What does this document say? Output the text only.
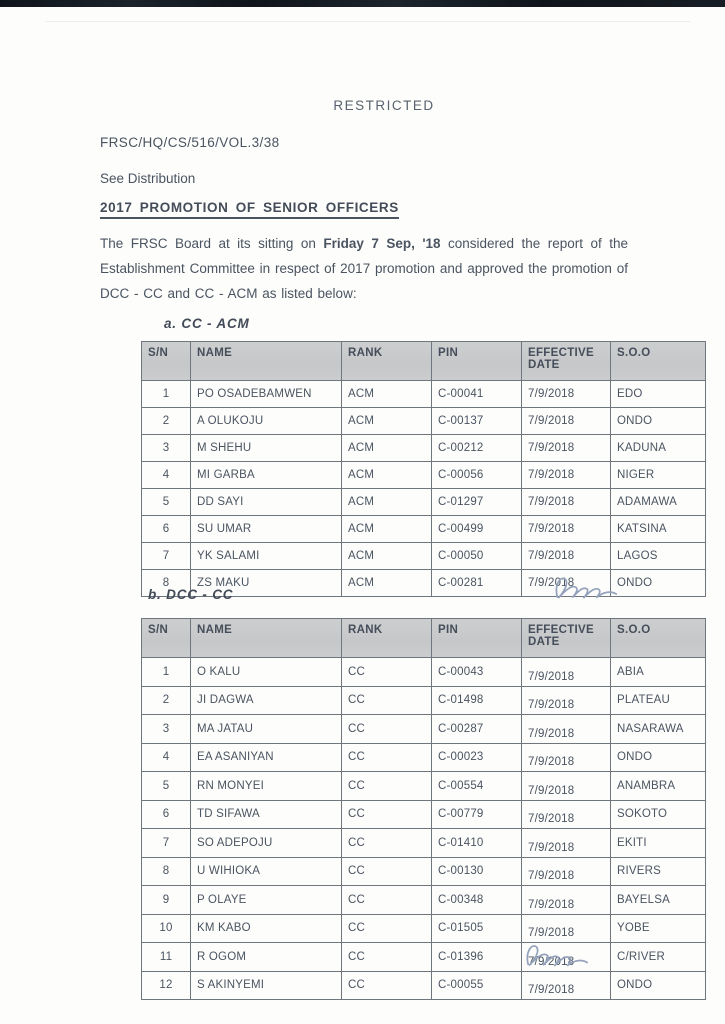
RESTRICTED
FRSC/HQ/CS/516/VOL.3/38
See Distribution
2017 PROMOTION OF SENIOR OFFICERS

The FRSC Board at its sitting on Friday 7 Sep, '18 considered the report of the Establishment Committee in respect of 2017 promotion and approved the promotion of DCC - CC and CC - ACM as listed below:

a. CC - ACM
S/N	NAME	RANK	PIN	EFFECTIVE DATE	S.O.O
1	PO OSADEBAMWEN	ACM	C-00041	7/9/2018	EDO
2	A OLUKOJU	ACM	C-00137	7/9/2018	ONDO
3	M SHEHU	ACM	C-00212	7/9/2018	KADUNA
4	MI GARBA	ACM	C-00056	7/9/2018	NIGER
5	DD SAYI	ACM	C-01297	7/9/2018	ADAMAWA
6	SU UMAR	ACM	C-00499	7/9/2018	KATSINA
7	YK SALAMI	ACM	C-00050	7/9/2018	LAGOS
8	ZS MAKU	ACM	C-00281	7/9/2018	ONDO
b. DCC - CC
S/N	NAME	RANK	PIN	EFFECTIVE DATE	S.O.O
1	O KALU	CC	C-00043	7/9/2018	ABIA
2	JI DAGWA	CC	C-01498	7/9/2018	PLATEAU
3	MA JATAU	CC	C-00287	7/9/2018	NASARAWA
4	EA ASANIYAN	CC	C-00023	7/9/2018	ONDO
5	RN MONYEI	CC	C-00554	7/9/2018	ANAMBRA
6	TD SIFAWA	CC	C-00779	7/9/2018	SOKOTO
7	SO ADEPOJU	CC	C-01410	7/9/2018	EKITI
8	U WIHIOKA	CC	C-00130	7/9/2018	RIVERS
9	P OLAYE	CC	C-00348	7/9/2018	BAYELSA
10	KM KABO	CC	C-01505	7/9/2018	YOBE
11	R OGOM	CC	C-01396	7/9/2018	C/RIVER
12	S AKINYEMI	CC	C-00055	7/9/2018	ONDO
